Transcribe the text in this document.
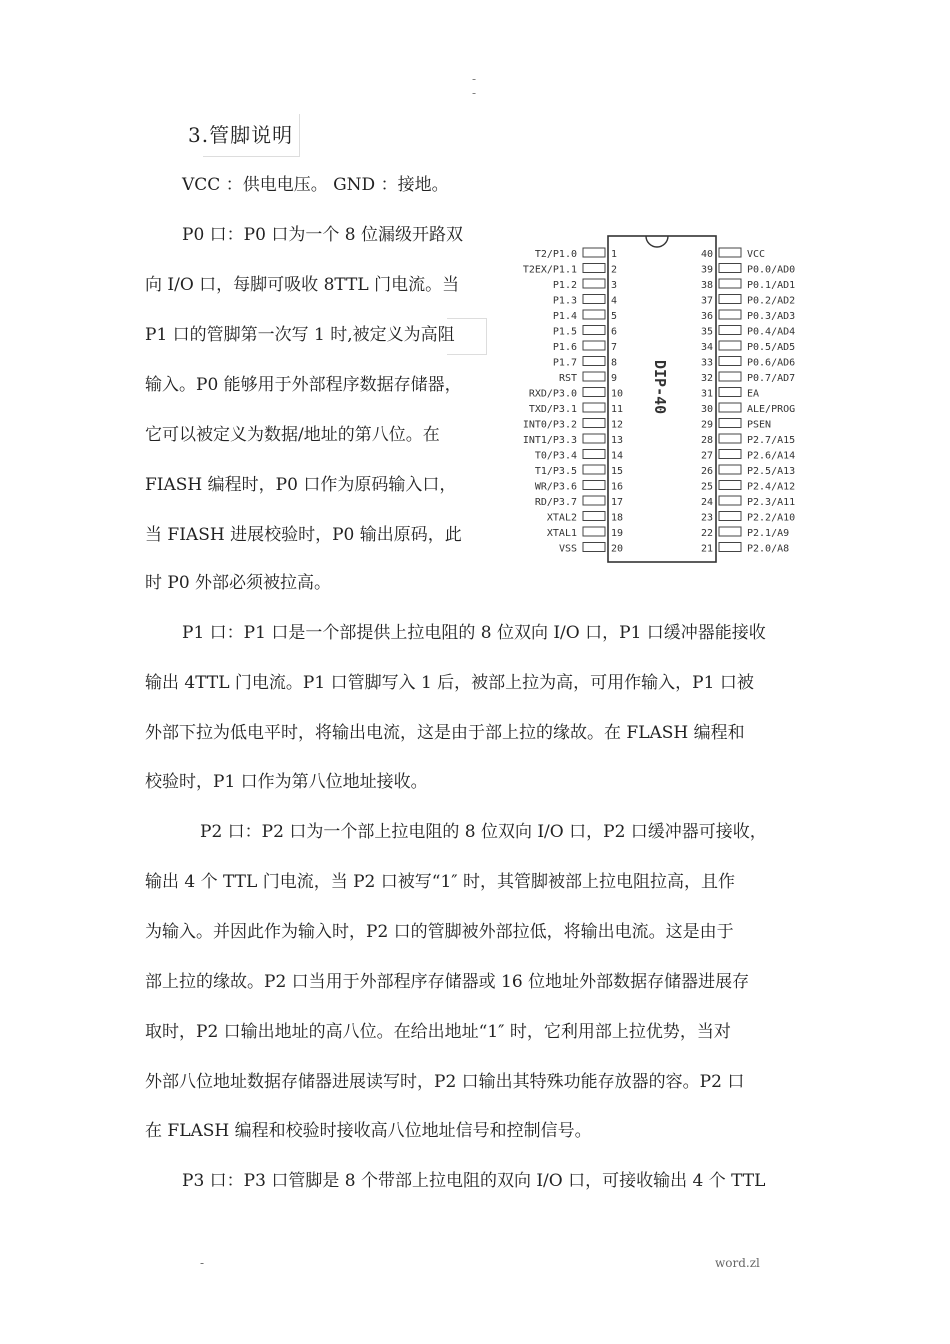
-
-
3.管脚说明
VCC ：供电电压。 GND ：接地。
P0 口：P0 口为一个 8 位漏级开路双
向 I/O 口，每脚可吸收 8TTL 门电流。当
P1 口的管脚第一次写 1 时,被定义为高阻
输入。P0 能够用于外部程序数据存储器，
它可以被定义为数据/地址的第八位。在
FIASH 编程时，P0 口作为原码输入口，
当 FIASH 进展校验时，P0 输出原码，此
时 P0 外部必须被拉高。
DIP-40
T2/P1.0	1
T2EX/P1.1	2
P1.2	3
P1.3	4
P1.4	5
P1.5	6
P1.6	7
P1.7	8
RST	9
RXD/P3.0	10
TXD/P3.1	11
INT0/P3.2	12
INT1/P3.3	13
T0/P3.4	14
T1/P3.5	15
WR/P3.6	16
RD/P3.7	17
XTAL2	18
XTAL1	19
VSS	20
40	VCC
39	P0.0/AD0
38	P0.1/AD1
37	P0.2/AD2
36	P0.3/AD3
35	P0.4/AD4
34	P0.5/AD5
33	P0.6/AD6
32	P0.7/AD7
31	EA
30	ALE/PROG
29	PSEN
28	P2.7/A15
27	P2.6/A14
26	P2.5/A13
25	P2.4/A12
24	P2.3/A11
23	P2.2/A10
22	P2.1/A9
21	P2.0/A8
P1 口：P1 口是一个部提供上拉电阻的 8 位双向 I/O 口，P1 口缓冲器能接收
输出 4TTL 门电流。P1 口管脚写入 1 后，被部上拉为高，可用作输入，P1 口被
外部下拉为低电平时，将输出电流，这是由于部上拉的缘故。在 FLASH 编程和
校验时，P1 口作为第八位地址接收。
P2 口：P2 口为一个部上拉电阻的 8 位双向 I/O 口，P2 口缓冲器可接收，
输出 4 个 TTL 门电流，当 P2 口被写“1″ 时，其管脚被部上拉电阻拉高，且作
为输入。并因此作为输入时，P2 口的管脚被外部拉低，将输出电流。这是由于
部上拉的缘故。P2 口当用于外部程序存储器或 16 位地址外部数据存储器进展存
取时，P2 口输出地址的高八位。在给出地址“1″ 时，它利用部上拉优势，当对
外部八位地址数据存储器进展读写时，P2 口输出其特殊功能存放器的容。P2 口
在 FLASH 编程和校验时接收高八位地址信号和控制信号。
P3 口：P3 口管脚是 8 个带部上拉电阻的双向 I/O 口，可接收输出 4 个 TTL
-	word.zl
